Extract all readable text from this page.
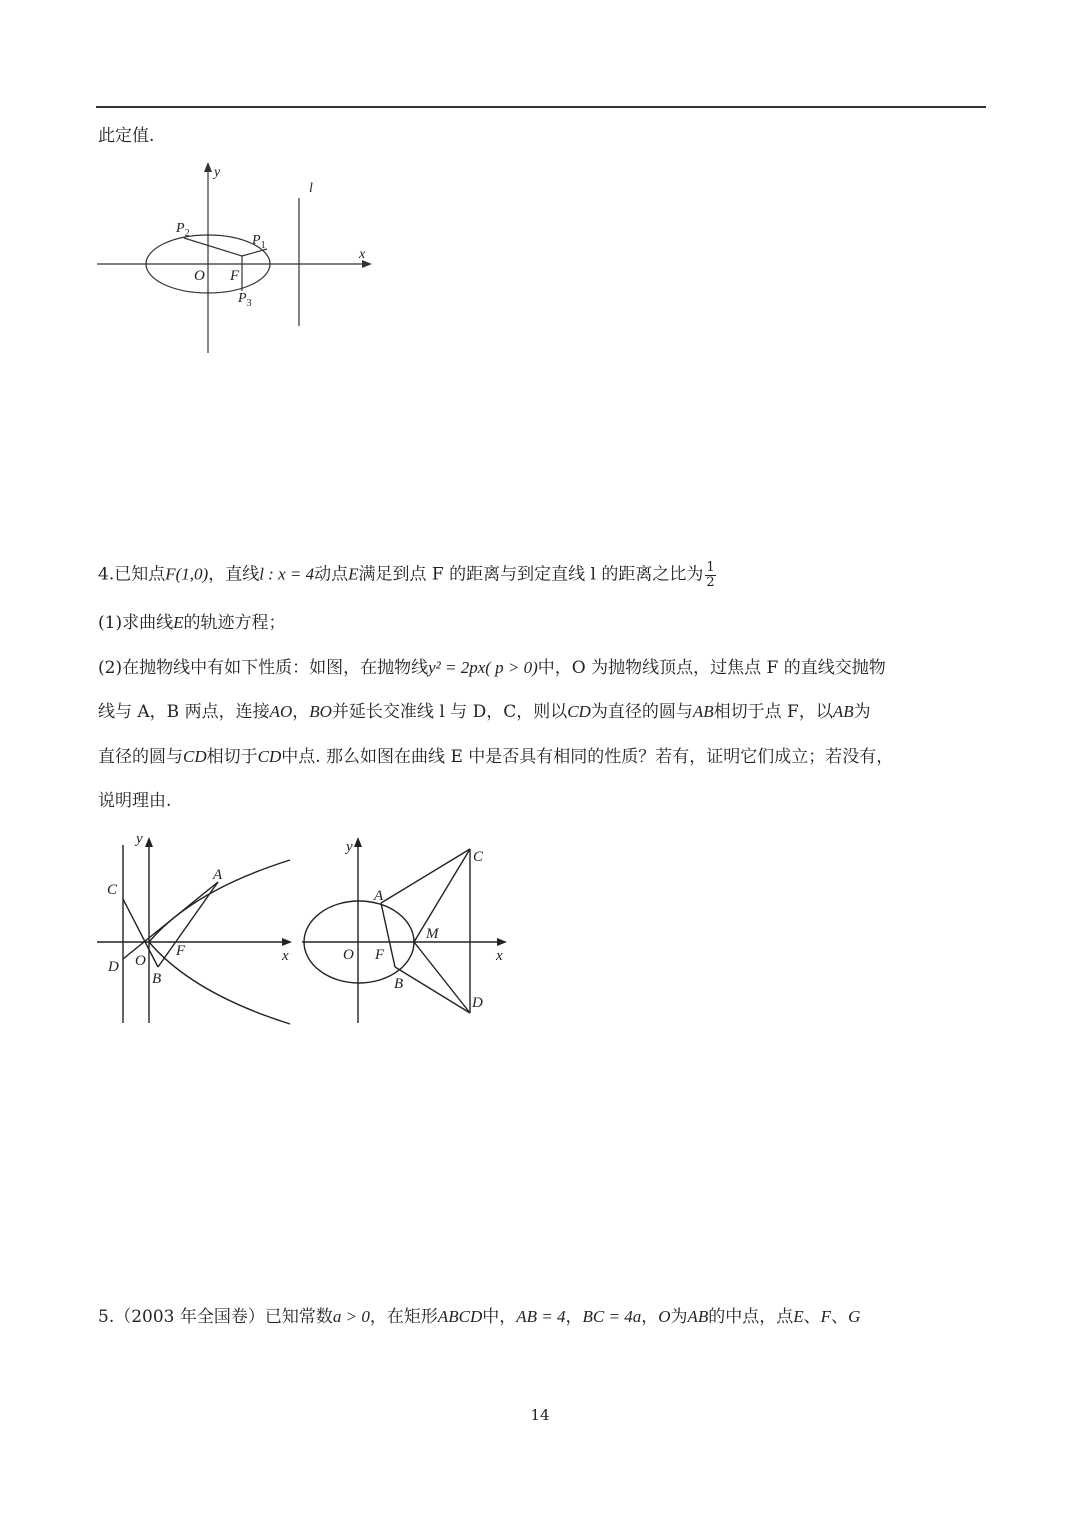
此定值.
y
x
l
O F
$P_2$	$P_1$
$P_3$
4.已知点F(1,0)，直线l : x = 4动点E满足到点 F 的距离与到定直线 l 的距离之比为 $\frac{1}{2}$
(1)求曲线E的轨迹方程；
(2)在抛物线中有如下性质：如图，在抛物线y² = 2px( p > 0)中，O 为抛物线顶点，过焦点 F 的直线交抛物
线与 A，B 两点，连接AO，BO并延长交准线 l 与 D，C，则以CD为直径的圆与AB相切于点 F，以AB为
直径的圆与CD相切于CD中点. 那么如图在曲线 E 中是否具有相同的性质？若有，证明它们成立；若没有，
说明理由.
y
x
C
A
D O
F
B
y
x
A
O F
M
B
C
D
5.（2003 年全国卷）已知常数a > 0，在矩形ABCD中，AB = 4，BC = 4a，O为AB的中点，点E、F、G
14
